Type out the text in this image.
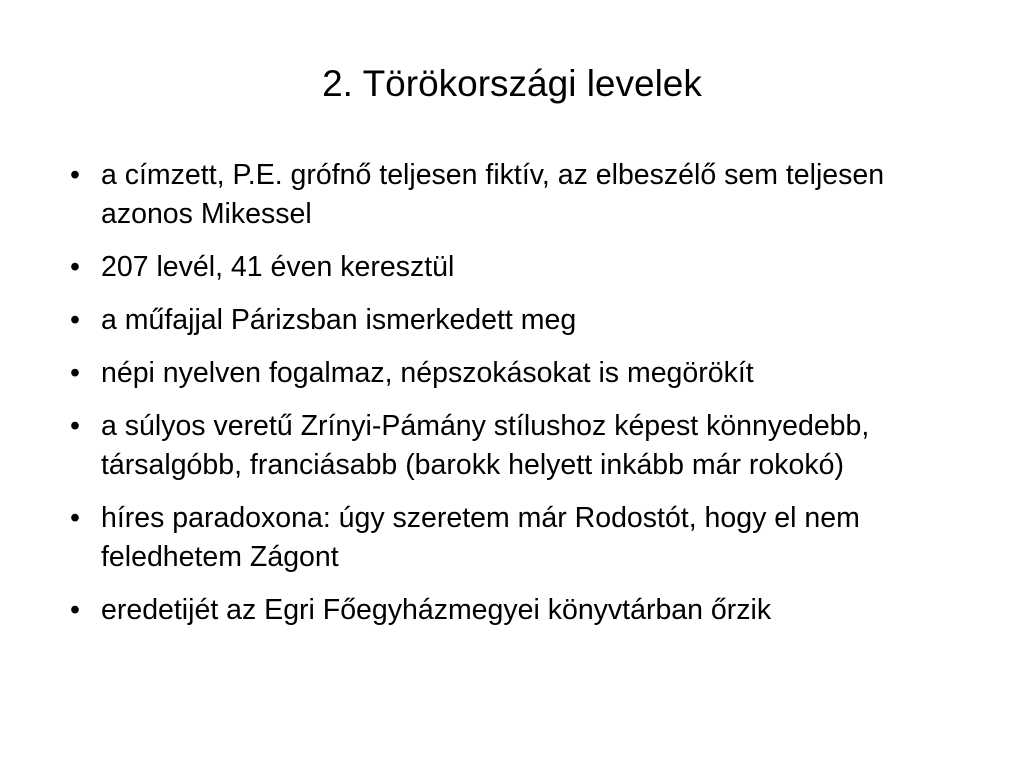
2. Törökországi levelek
• a címzett, P.E. grófnő teljesen fiktív, az elbeszélő sem teljesen azonos Mikessel
• 207 levél, 41 éven keresztül
• a műfajjal Párizsban ismerkedett meg
• népi nyelven fogalmaz, népszokásokat is megörökít
• a súlyos veretű Zrínyi-Pámány stílushoz képest könnyedebb, társalgóbb, franciásabb (barokk helyett inkább már rokokó)
• híres paradoxona: úgy szeretem már Rodostót, hogy el nem feledhetem Zágont
• eredetijét az Egri Főegyházmegyei könyvtárban őrzik
